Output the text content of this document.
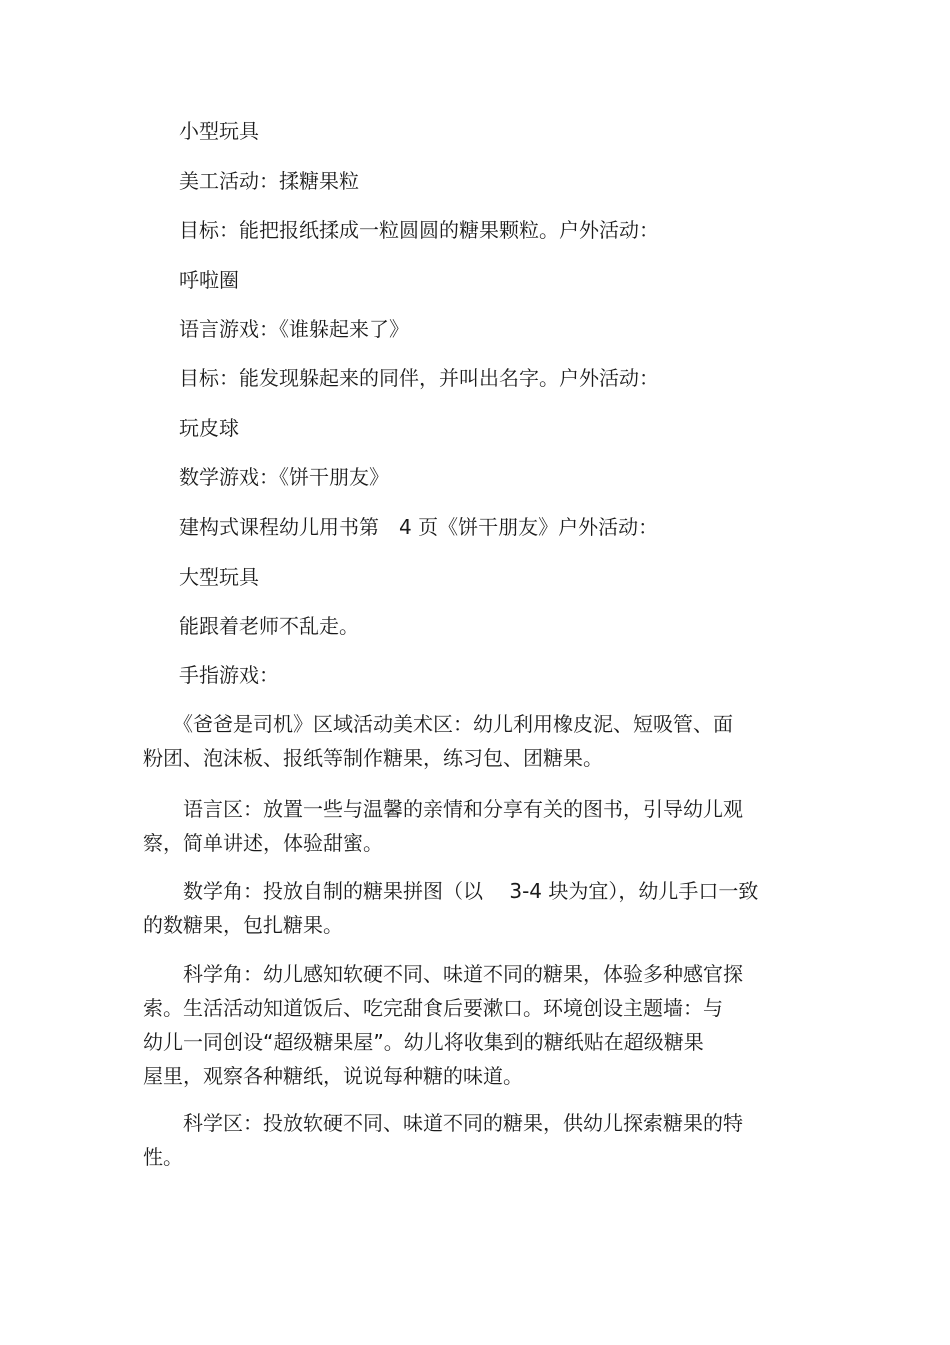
小型玩具
美工活动：揉糖果粒
目标：能把报纸揉成一粒圆圆的糖果颗粒。户外活动：
呼啦圈
语言游戏：《谁躲起来了》
目标：能发现躲起来的同伴，并叫出名字。户外活动：
玩皮球
数学游戏：《饼干朋友》
建构式课程幼儿用书第　4 页《饼干朋友》户外活动：
大型玩具
能跟着老师不乱走。
手指游戏：
　　《爸爸是司机》区域活动美术区：幼儿利用橡皮泥、短吸管、面
粉团、泡沫板、报纸等制作糖果，练习包、团糖果。
　　语言区：放置一些与温馨的亲情和分享有关的图书，引导幼儿观
察，简单讲述，体验甜蜜。
　　数学角：投放自制的糖果拼图（以　 3-4 块为宜），幼儿手口一致
的数糖果，包扎糖果。
　　科学角：幼儿感知软硬不同、味道不同的糖果，体验多种感官探
索。生活活动知道饭后、吃完甜食后要漱口。环境创设主题墙：与
幼儿一同创设“超级糖果屋”。幼儿将收集到的糖纸贴在超级糖果
屋里，观察各种糖纸，说说每种糖的味道。
　　科学区：投放软硬不同、味道不同的糖果，供幼儿探索糖果的特
性。
